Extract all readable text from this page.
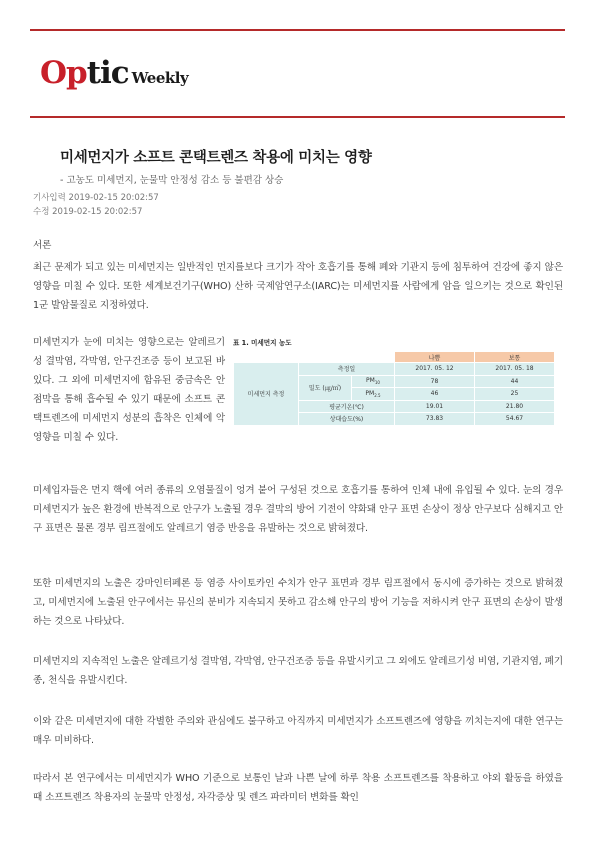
Optic Weekly
미세먼지가 소프트 콘택트렌즈 착용에 미치는 영향
- 고농도 미세먼지, 눈물막 안정성 감소 등 불편감 상승
기사입력 2019-02-15 20:02:57
수정 2019-02-15 20:02:57
서론
최근 문제가 되고 있는 미세먼지는 일반적인 먼지를보다 크기가 작아 호흡기를 통해 폐와 기관지 등에 침투하여 건강에 좋지 않은 영향을 미칠 수 있다. 또한 세계보건기구(WHO) 산하 국제암연구소(IARC)는 미세먼지를 사람에게 암을 일으키는 것으로 확인된 1군 발암물질로 지정하였다.
미세먼지가 눈에 미치는 영향으로는 알레르기성 결막염, 각막염, 안구건조증 등이 보고된 바 있다. 그 외에 미세먼지에 함유된 중금속은 안점막을 통해 흡수될 수 있기 때문에 소프트 콘택트렌즈에 미세먼지 성분의 흡착은 인체에 악영향을 미칠 수 있다.
표 1. 미세먼지 농도
			나쁨	보통
미세먼지 측정	측정일		2017. 05. 12	2017. 05. 18
	밀도 (㎍/㎥)	$PM_{10}$	78	44
		$PM_{2.5}$	46	25
	평균기온(℃)		19.01	21.80
	상대습도(%)		73.83	54.67
미세입자들은 먼지 핵에 여러 종류의 오염물질이 엉겨 붙어 구성된 것으로 호흡기를 통하여 인체 내에 유입될 수 있다. 눈의 경우 미세먼지가 높은 환경에 반복적으로 안구가 노출될 경우 결막의 방어 기전이 약화돼 안구 표면 손상이 정상 안구보다 심해지고 안구 표면은 물론 경부 림프절에도 알레르기 염증 반응을 유발하는 것으로 밝혀졌다.
또한 미세먼지의 노출은 강마인터페론 등 염증 사이토카인 수치가 안구 표면과 경부 림프절에서 동시에 증가하는 것으로 밝혀졌고, 미세먼지에 노출된 안구에서는 뮤신의 분비가 지속되지 못하고 감소해 안구의 방어 기능을 저하시켜 안구 표면의 손상이 발생하는 것으로 나타났다.
미세먼지의 지속적인 노출은 알레르기성 결막염, 각막염, 안구건조증 등을 유발시키고 그 외에도 알레르기성 비염, 기관지염, 폐기종, 천식을 유발시킨다.
이와 같은 미세먼지에 대한 각별한 주의와 관심에도 불구하고 아직까지 미세먼지가 소프트렌즈에 영향을 끼치는지에 대한 연구는 매우 미비하다.
따라서 본 연구에서는 미세먼지가 WHO 기준으로 보통인 날과 나쁜 날에 하루 착용 소프트렌즈를 착용하고 야외 활동을 하였을 때 소프트렌즈 착용자의 눈물막 안정성, 자각증상 및 렌즈 파라미터 변화를 확인
